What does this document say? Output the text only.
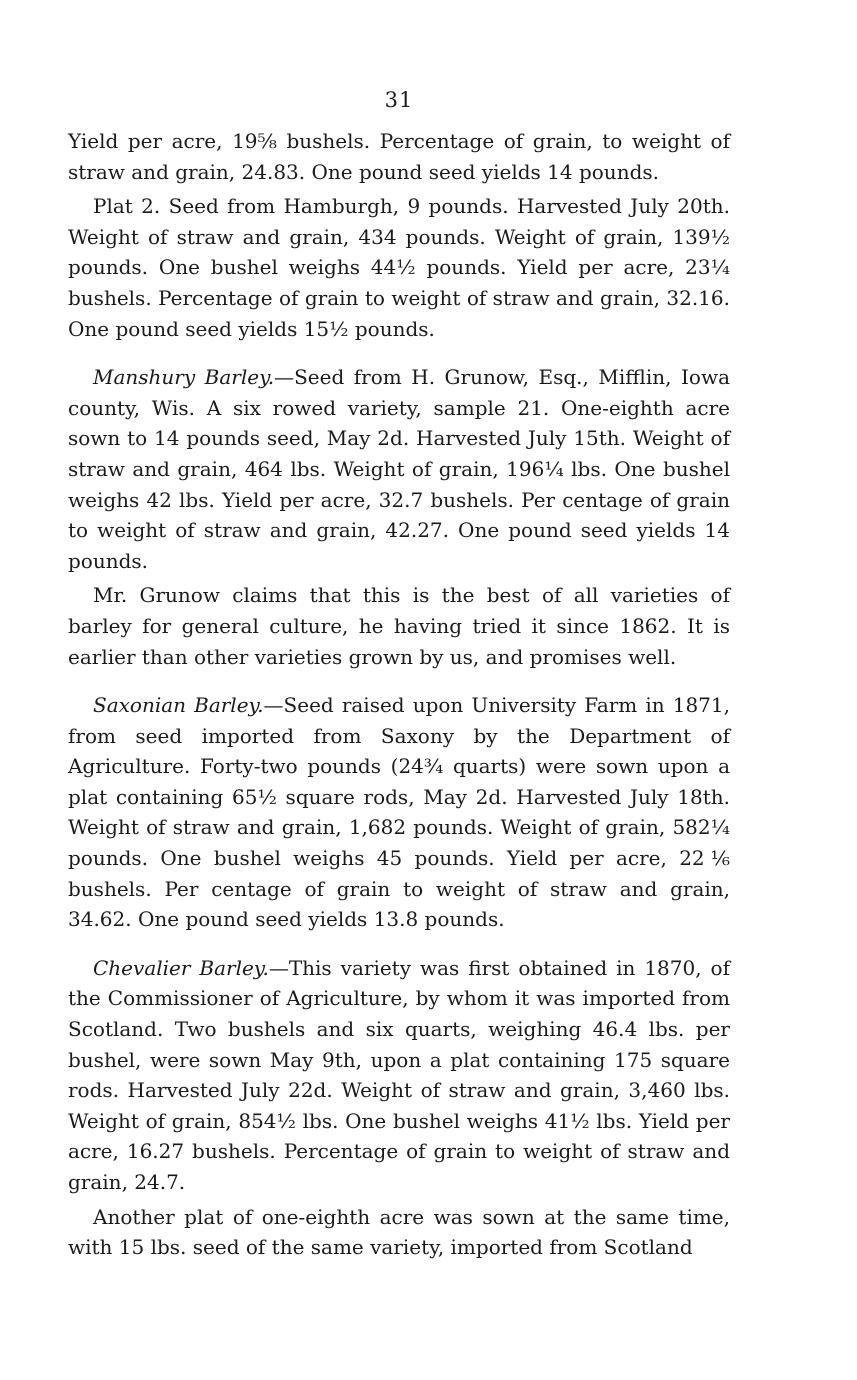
31

Yield per acre, 19⅝ bushels. Percentage of grain, to weight of straw and grain, 24.83. One pound seed yields 14 pounds.

Plat 2. Seed from Hamburgh, 9 pounds. Harvested July 20th. Weight of straw and grain, 434 pounds. Weight of grain, 139½ pounds. One bushel weighs 44½ pounds. Yield per acre, 23¼ bushels. Percentage of grain to weight of straw and grain, 32.16. One pound seed yields 15½ pounds.

Manshury Barley.—Seed from H. Grunow, Esq., Mifflin, Iowa county, Wis. A six rowed variety, sample 21. One-eighth acre sown to 14 pounds seed, May 2d. Harvested July 15th. Weight of straw and grain, 464 lbs. Weight of grain, 196¼ lbs. One bushel weighs 42 lbs. Yield per acre, 32.7 bushels. Per centage of grain to weight of straw and grain, 42.27. One pound seed yields 14 pounds.

Mr. Grunow claims that this is the best of all varieties of barley for general culture, he having tried it since 1862. It is earlier than other varieties grown by us, and promises well.

Saxonian Barley.—Seed raised upon University Farm in 1871, from seed imported from Saxony by the Department of Agriculture. Forty-two pounds (24¾ quarts) were sown upon a plat containing 65½ square rods, May 2d. Harvested July 18th. Weight of straw and grain, 1,682 pounds. Weight of grain, 582¼ pounds. One bushel weighs 45 pounds. Yield per acre, 22⅙ bushels. Per centage of grain to weight of straw and grain, 34.62. One pound seed yields 13.8 pounds.

Chevalier Barley.—This variety was first obtained in 1870, of the Commissioner of Agriculture, by whom it was imported from Scotland. Two bushels and six quarts, weighing 46.4 lbs. per bushel, were sown May 9th, upon a plat containing 175 square rods. Harvested July 22d. Weight of straw and grain, 3,460 lbs. Weight of grain, 854½ lbs. One bushel weighs 41½ lbs. Yield per acre, 16.27 bushels. Percentage of grain to weight of straw and grain, 24.7.

Another plat of one-eighth acre was sown at the same time, with 15 lbs. seed of the same variety, imported from Scotland
